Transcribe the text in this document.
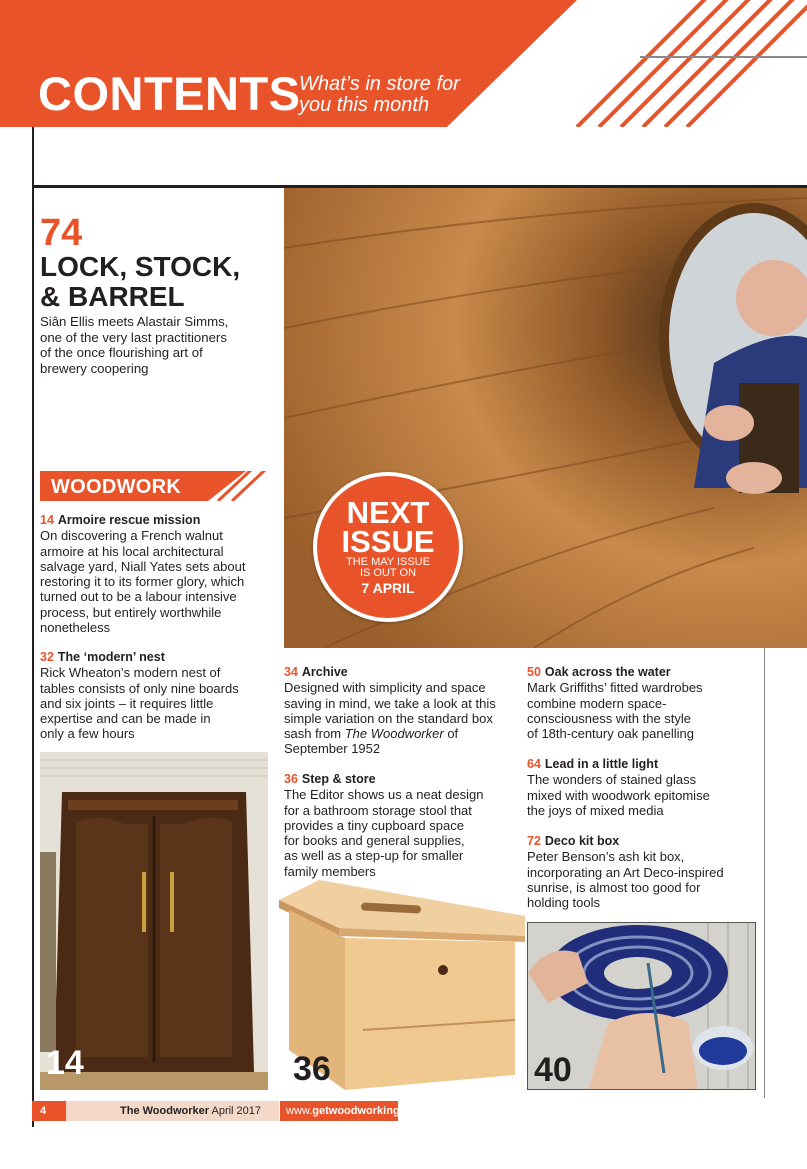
CONTENTS
What’s in store for
you this month
74
LOCK, STOCK,
& BARREL
Siân Ellis meets Alastair Simms,
one of the very last practitioners
of the once flourishing art of
brewery coopering
WOODWORK
NEXT
ISSUE
THE MAY ISSUE
IS OUT ON
7 APRIL
14 Armoire rescue mission
On discovering a French walnut
armoire at his local architectural
salvage yard, Niall Yates sets about
restoring it to its former glory, which
turned out to be a labour intensive
process, but entirely worthwhile
nonetheless
32 The ‘modern’ nest
Rick Wheaton’s modern nest of
tables consists of only nine boards
and six joints – it requires little
expertise and can be made in
only a few hours
34 Archive
Designed with simplicity and space
saving in mind, we take a look at this
simple variation on the standard box
sash from The Woodworker of
September 1952
36 Step & store
The Editor shows us a neat design
for a bathroom storage stool that
provides a tiny cupboard space
for books and general supplies,
as well as a step-up for smaller
family members
50 Oak across the water
Mark Griffiths’ fitted wardrobes
combine modern space-
consciousness with the style
of 18th-century oak panelling
64 Lead in a little light
The wonders of stained glass
mixed with woodwork epitomise
the joys of mixed media
72 Deco kit box
Peter Benson’s ash kit box,
incorporating an Art Deco-inspired
sunrise, is almost too good for
holding tools
14	36	40
4	The Woodworker April 2017	www.getwoodworking.com
